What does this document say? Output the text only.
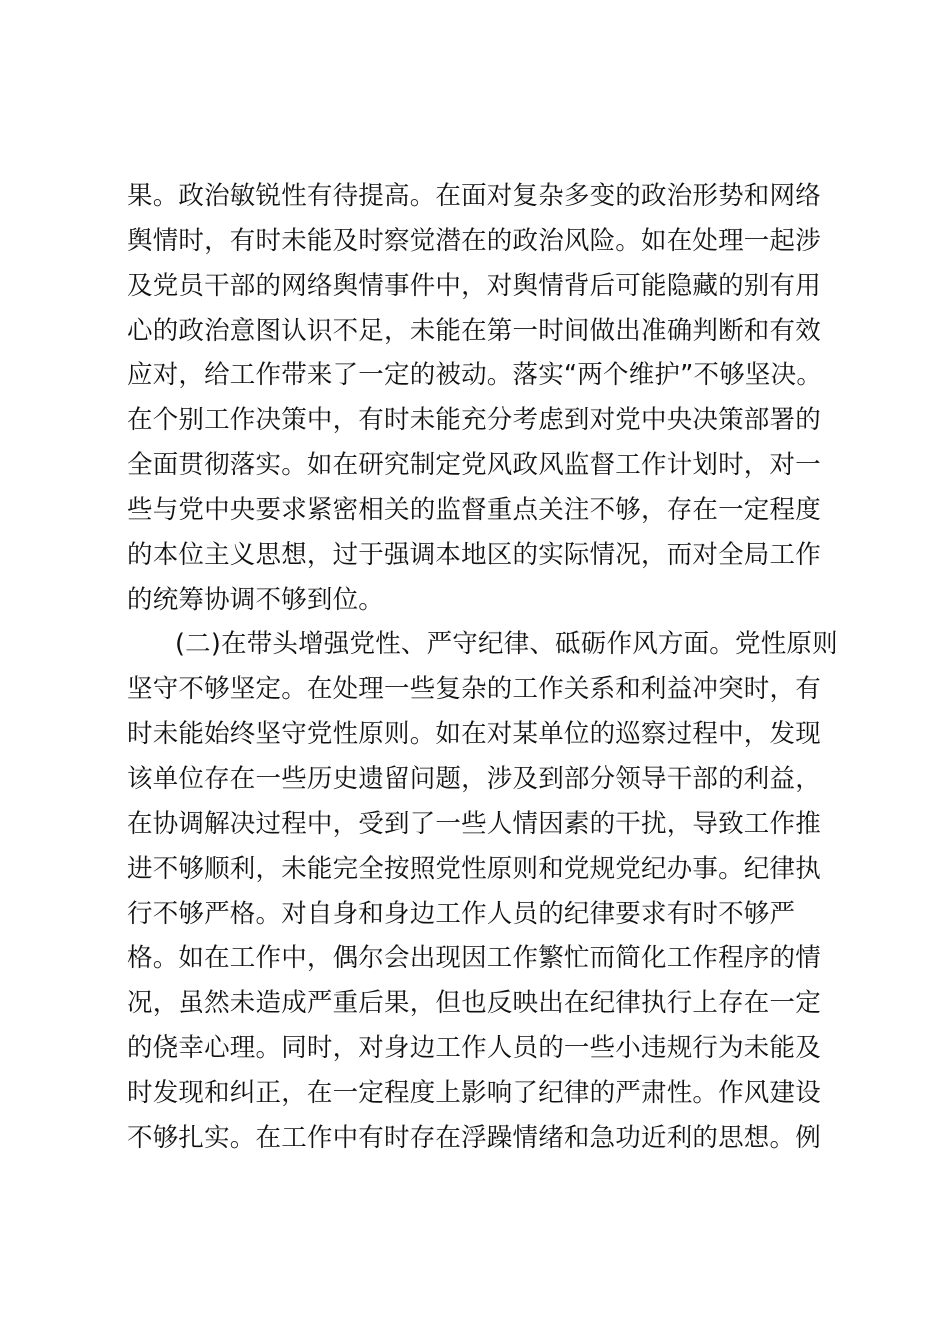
果。政治敏锐性有待提高。在面对复杂多变的政治形势和网络
舆情时，有时未能及时察觉潜在的政治风险。如在处理一起涉
及党员干部的网络舆情事件中，对舆情背后可能隐藏的别有用
心的政治意图认识不足，未能在第一时间做出准确判断和有效
应对，给工作带来了一定的被动。落实“两个维护”不够坚决。
在个别工作决策中，有时未能充分考虑到对党中央决策部署的
全面贯彻落实。如在研究制定党风政风监督工作计划时，对一
些与党中央要求紧密相关的监督重点关注不够，存在一定程度
的本位主义思想，过于强调本地区的实际情况，而对全局工作
的统筹协调不够到位。
(二)在带头增强党性、严守纪律、砥砺作风方面。党性原则
坚守不够坚定。在处理一些复杂的工作关系和利益冲突时，有
时未能始终坚守党性原则。如在对某单位的巡察过程中，发现
该单位存在一些历史遗留问题，涉及到部分领导干部的利益，
在协调解决过程中，受到了一些人情因素的干扰，导致工作推
进不够顺利，未能完全按照党性原则和党规党纪办事。纪律执
行不够严格。对自身和身边工作人员的纪律要求有时不够严
格。如在工作中，偶尔会出现因工作繁忙而简化工作程序的情
况，虽然未造成严重后果，但也反映出在纪律执行上存在一定
的侥幸心理。同时，对身边工作人员的一些小违规行为未能及
时发现和纠正，在一定程度上影响了纪律的严肃性。作风建设
不够扎实。在工作中有时存在浮躁情绪和急功近利的思想。例
